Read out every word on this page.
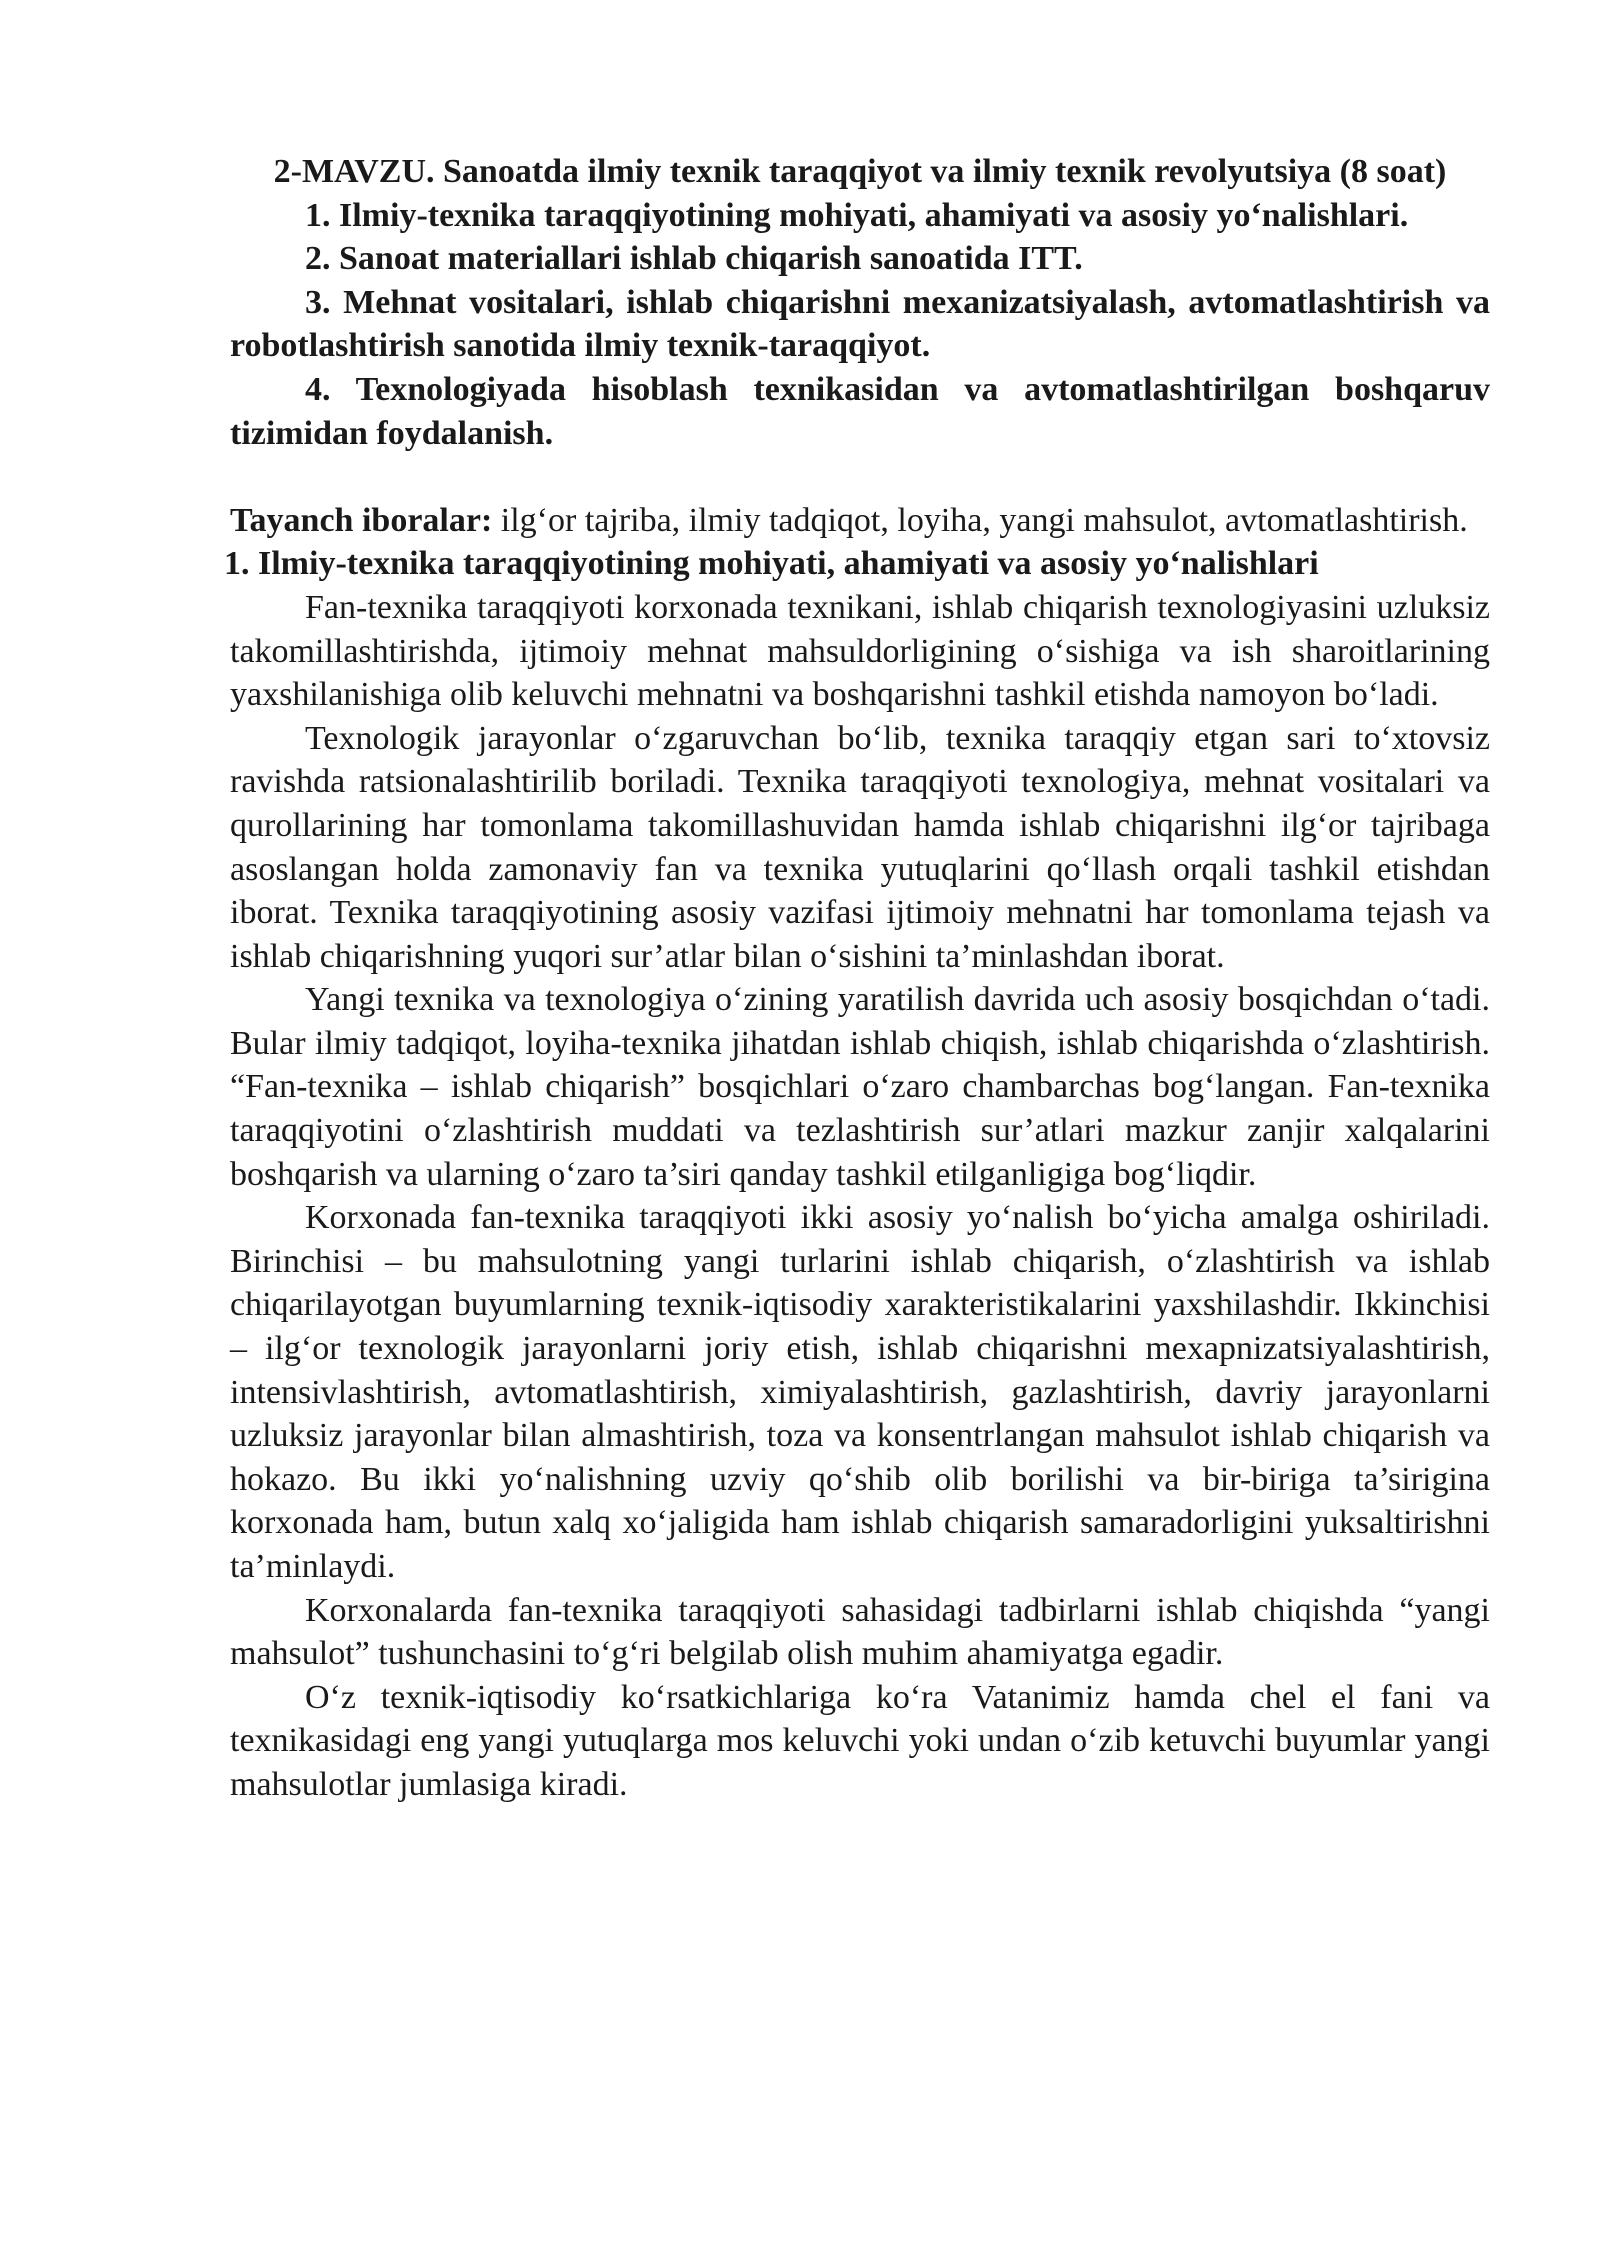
2-MAVZU. Sanoatda ilmiy texnik taraqqiyot va ilmiy texnik revolyutsiya (8 soat)

1. Ilmiy-texnika taraqqiyotining mohiyati, ahamiyati va asosiy yo‘nalishlari.

2. Sanoat materiallari ishlab chiqarish sanoatida ITT.

3. Mehnat vositalari, ishlab chiqarishni mexanizatsiyalash, avtomatlashtirish va robotlashtirish sanotida ilmiy texnik-taraqqiyot.

4. Texnologiyada hisoblash texnikasidan va avtomatlashtirilgan boshqaruv tizimidan foydalanish.

Tayanch iboralar: ilg‘or tajriba, ilmiy tadqiqot, loyiha, yangi mahsulot, avtomatlashtirish.

1. Ilmiy-texnika taraqqiyotining mohiyati, ahamiyati va asosiy yo‘nalishlari

Fan-texnika taraqqiyoti korxonada texnikani, ishlab chiqarish texnologiyasini uzluksiz takomillashtirishda, ijtimoiy mehnat mahsuldorligining o‘sishiga va ish sharoitlarining yaxshilanishiga olib keluvchi mehnatni va boshqarishni tashkil etishda namoyon bo‘ladi.

Texnologik jarayonlar o‘zgaruvchan bo‘lib, texnika taraqqiy etgan sari to‘xtovsiz ravishda ratsionalashtirilib boriladi. Texnika taraqqiyoti texnologiya, mehnat vositalari va qurollarining har tomonlama takomillashuvidan hamda ishlab chiqarishni ilg‘or tajribaga asoslangan holda zamonaviy fan va texnika yutuqlarini qo‘llash orqali tashkil etishdan iborat. Texnika taraqqiyotining asosiy vazifasi ijtimoiy mehnatni har tomonlama tejash va ishlab chiqarishning yuqori sur’atlar bilan o‘sishini ta’minlashdan iborat.

Yangi texnika va texnologiya o‘zining yaratilish davrida uch asosiy bosqichdan o‘tadi. Bular ilmiy tadqiqot, loyiha-texnika jihatdan ishlab chiqish, ishlab chiqarishda o‘zlashtirish. “Fan-texnika – ishlab chiqarish” bosqichlari o‘zaro chambarchas bog‘langan. Fan-texnika taraqqiyotini o‘zlashtirish muddati va tezlashtirish sur’atlari mazkur zanjir xalqalarini boshqarish va ularning o‘zaro ta’siri qanday tashkil etilganligiga bog‘liqdir.

Korxonada fan-texnika taraqqiyoti ikki asosiy yo‘nalish bo‘yicha amalga oshiriladi. Birinchisi – bu mahsulotning yangi turlarini ishlab chiqarish, o‘zlashtirish va ishlab chiqarilayotgan buyumlarning texnik-iqtisodiy xarakteristikalarini yaxshilashdir. Ikkinchisi – ilg‘or texnologik jarayonlarni joriy etish, ishlab chiqarishni mexapnizatsiyalashtirish, intensivlashtirish, avtomatlashtirish, ximiyalashtirish, gazlashtirish, davriy jarayonlarni uzluksiz jarayonlar bilan almashtirish, toza va konsentrlangan mahsulot ishlab chiqarish va hokazo. Bu ikki yo‘nalishning uzviy qo‘shib olib borilishi va bir-biriga ta’sirigina korxonada ham, butun xalq xo‘jaligida ham ishlab chiqarish samaradorligini yuksaltirishni ta’minlaydi.

Korxonalarda fan-texnika taraqqiyoti sahasidagi tadbirlarni ishlab chiqishda “yangi mahsulot” tushunchasini to‘g‘ri belgilab olish muhim ahamiyatga egadir.

O‘z texnik-iqtisodiy ko‘rsatkichlariga ko‘ra Vatanimiz hamda chel el fani va texnikasidagi eng yangi yutuqlarga mos keluvchi yoki undan o‘zib ketuvchi buyumlar yangi mahsulotlar jumlasiga kiradi.
